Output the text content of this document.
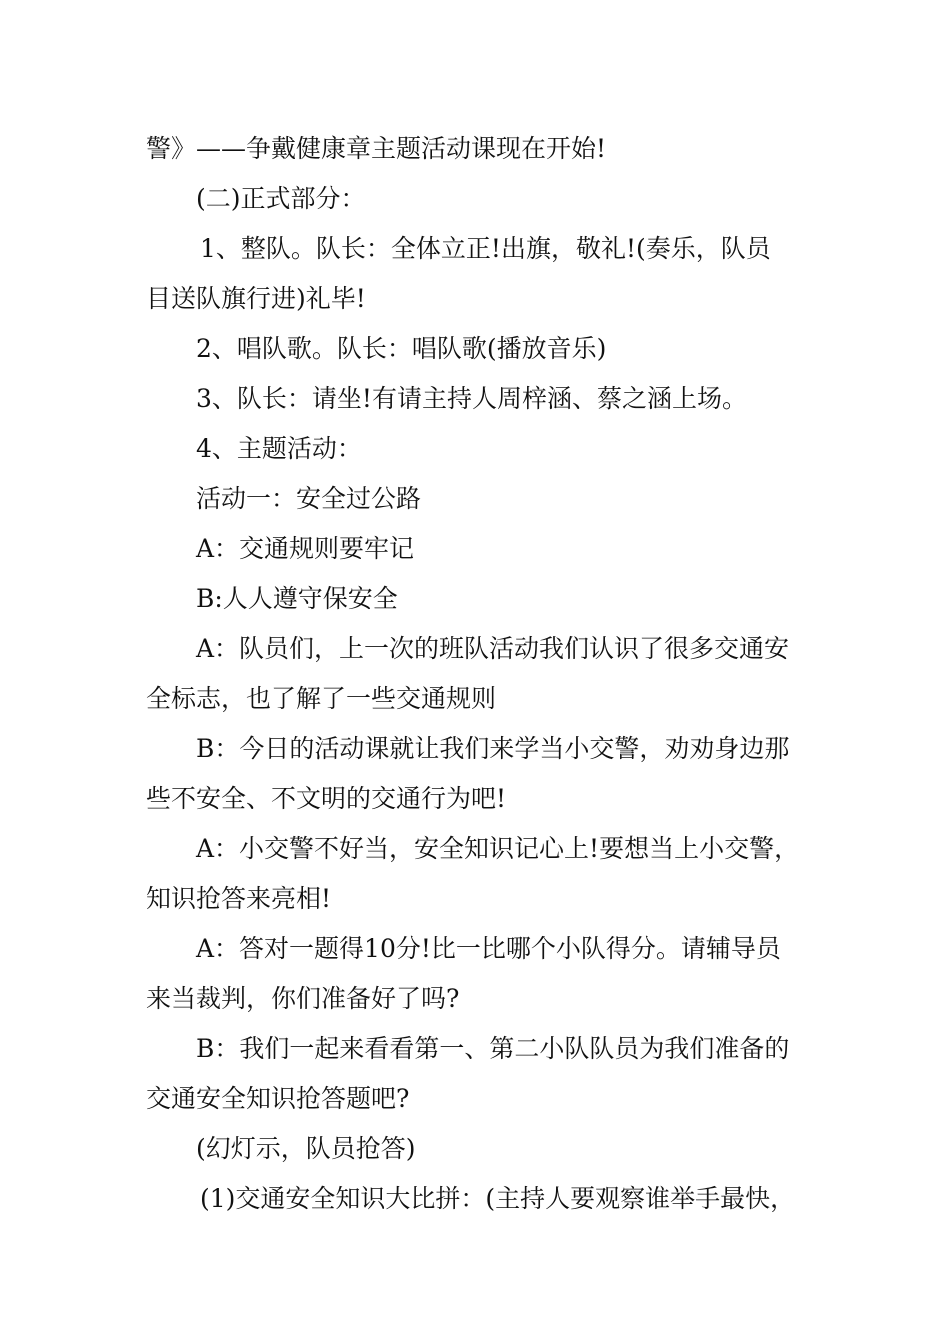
警》——争戴健康章主题活动课现在开始!
(二)正式部分：
1、整队。队长：全体立正!出旗，敬礼!(奏乐，队员
目送队旗行进)礼毕!
2、唱队歌。队长：唱队歌(播放音乐)
3、队长：请坐!有请主持人周梓涵、蔡之涵上场。
4、主题活动：
活动一：安全过公路
A：交通规则要牢记
B:人人遵守保安全
A：队员们，上一次的班队活动我们认识了很多交通安
全标志，也了解了一些交通规则
B：今日的活动课就让我们来学当小交警，劝劝身边那
些不安全、不文明的交通行为吧!
A：小交警不好当，安全知识记心上!要想当上小交警，
知识抢答来亮相!
A：答对一题得10分!比一比哪个小队得分。请辅导员
来当裁判，你们准备好了吗?
B：我们一起来看看第一、第二小队队员为我们准备的
交通安全知识抢答题吧?
(幻灯示，队员抢答)
(1)交通安全知识大比拼：(主持人要观察谁举手最快，
